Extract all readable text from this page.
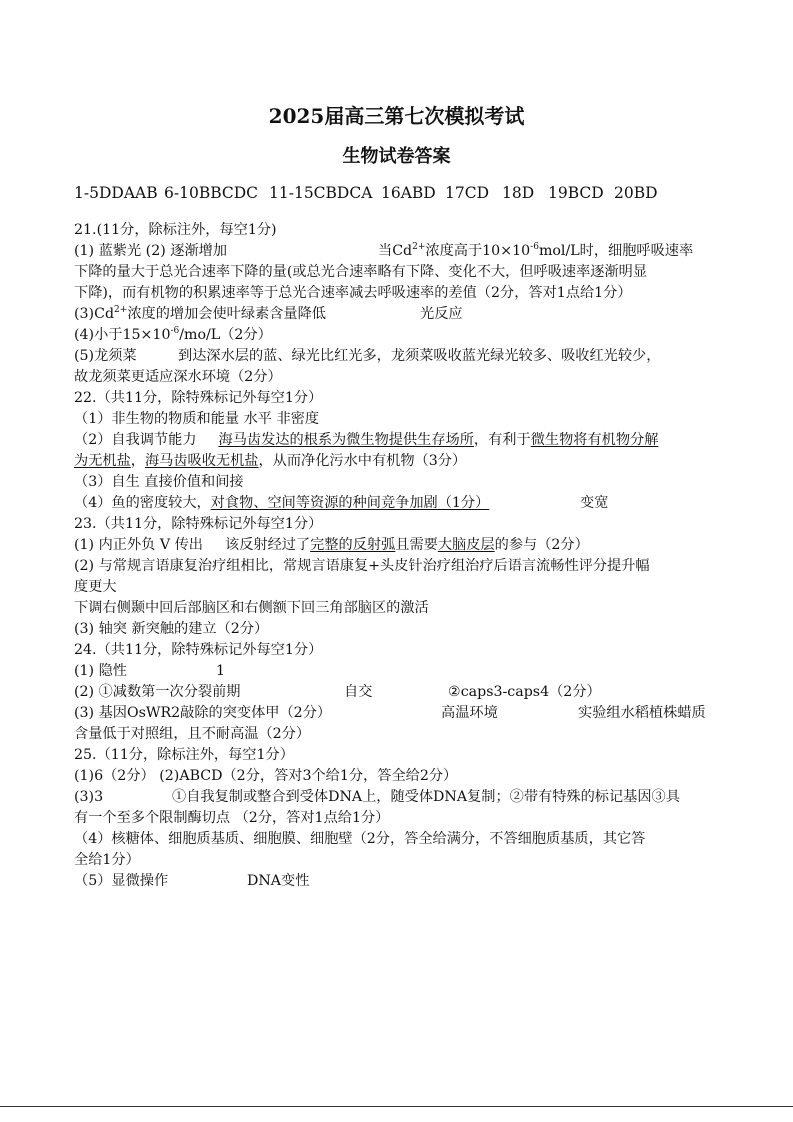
2025届高三第七次模拟考试
生物试卷答案
1-5DDAAB 6-10BBCDC 11-15CBDCA 16ABD 17CD 18D 19BCD 20BD
21.(11分，除标注外，每空1分)
(1) 蓝紫光 (2) 逐渐增加	当$Cd^{2+}$浓度高于$10\times 10^{-6}mol/L$时，细胞呼吸速率
下降的量大于总光合速率下降的量(或总光合速率略有下降、变化不大，但呼吸速率逐渐明显
下降)，而有机物的积累速率等于总光合速率减去呼吸速率的差值（2分，答对1点给1分）
$(3)Cd^{2+}$浓度的增加会使叶绿素含量降低	光反应
(4)小于$15\times 10^{-6}/mo/L(2$分）
(5)龙须菜	到达深水层的蓝、绿光比红光多，龙须菜吸收蓝光绿光较多、吸收红光较少，
故龙须菜更适应深水环境（2分）
22.（共11分，除特殊标记外每空1分）
（1）非生物的物质和能量 水平 非密度
（2）自我调节能力 海马齿发达的根系为微生物提供生存场所，有利于微生物将有机物分解
为无机盐，海马齿吸收无机盐，从而净化污水中有机物（3分）
（3）自生 直接价值和间接
（4）鱼的密度较大，对食物、空间等资源的种间竞争加剧（1分）	变宽
23.（共11分，除特殊标记外每空1分）
(1) 内正外负 V 传出 该反射经过了完整的反射弧且需要大脑皮层的参与（2分）
(2) 与常规言语康复治疗组相比，常规言语康复+头皮针治疗组治疗后语言流畅性评分提升幅
度更大
下调右侧颞中回后部脑区和右侧额下回三角部脑区的激活
(3) 轴突 新突触的建立（2分）
24.（共11分，除特殊标记外每空1分）
(1) 隐性	1
(2) ①减数第一次分裂前期	自交	②caps3-caps4（2分）
(3) 基因OsWR2敲除的突变体甲（2分）	高温环境	实验组水稻植株蜡质
含量低于对照组，且不耐高温（2分）
25.（11分，除标注外，每空1分）
(1)6（2分） (2)ABCD（2分，答对3个给1分，答全给2分）
(3)3	①自我复制或整合到受体DNA上，随受体DNA复制；②带有特殊的标记基因③具
有一个至多个限制酶切点 （2分，答对1点给1分）
（4）核糖体、细胞质基质、细胞膜、细胞壁（2分，答全给满分，不答细胞质基质，其它答
全给1分）
（5）显微操作	DNA变性
